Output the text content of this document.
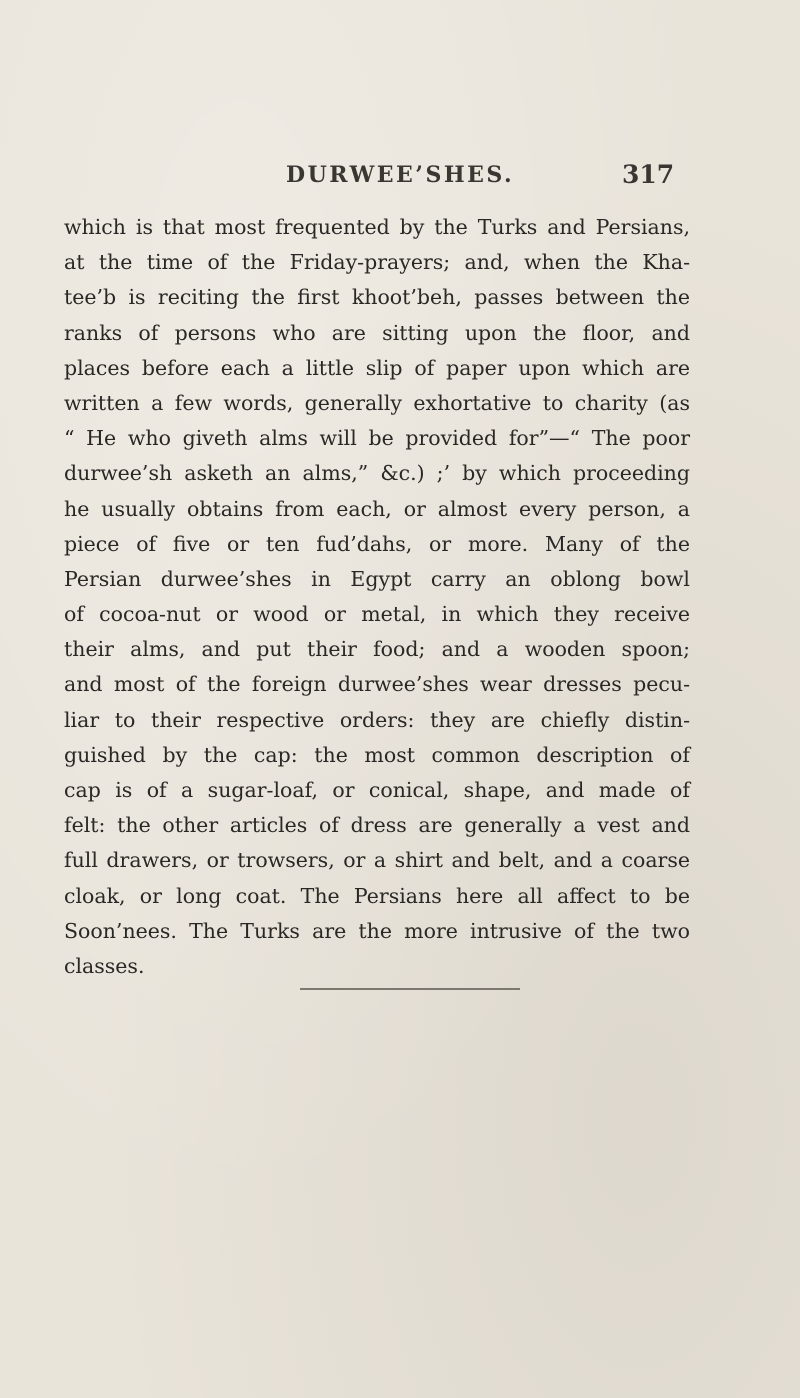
DURWEE’SHES.	317
which is that most frequented by the Turks and Persians,
at the time of the Friday-prayers; and, when the Kha-
tee’b is reciting the first khoot’beh, passes between the
ranks of persons who are sitting upon the floor, and
places before each a little slip of paper upon which are
written a few words, generally exhortative to charity (as
“ He who giveth alms will be provided for”—“ The poor
durwee’sh asketh an alms,” &c.) ;’ by which proceeding
he usually obtains from each, or almost every person, a
piece of five or ten fud’dahs, or more. Many of the
Persian durwee’shes in Egypt carry an oblong bowl
of cocoa-nut or wood or metal, in which they receive
their alms, and put their food; and a wooden spoon;
and most of the foreign durwee’shes wear dresses pecu-
liar to their respective orders: they are chiefly distin-
guished by the cap: the most common description of
cap is of a sugar-loaf, or conical, shape, and made of
felt: the other articles of dress are generally a vest and
full drawers, or trowsers, or a shirt and belt, and a coarse
cloak, or long coat. The Persians here all affect to be
Soon’nees. The Turks are the more intrusive of the two
classes.
